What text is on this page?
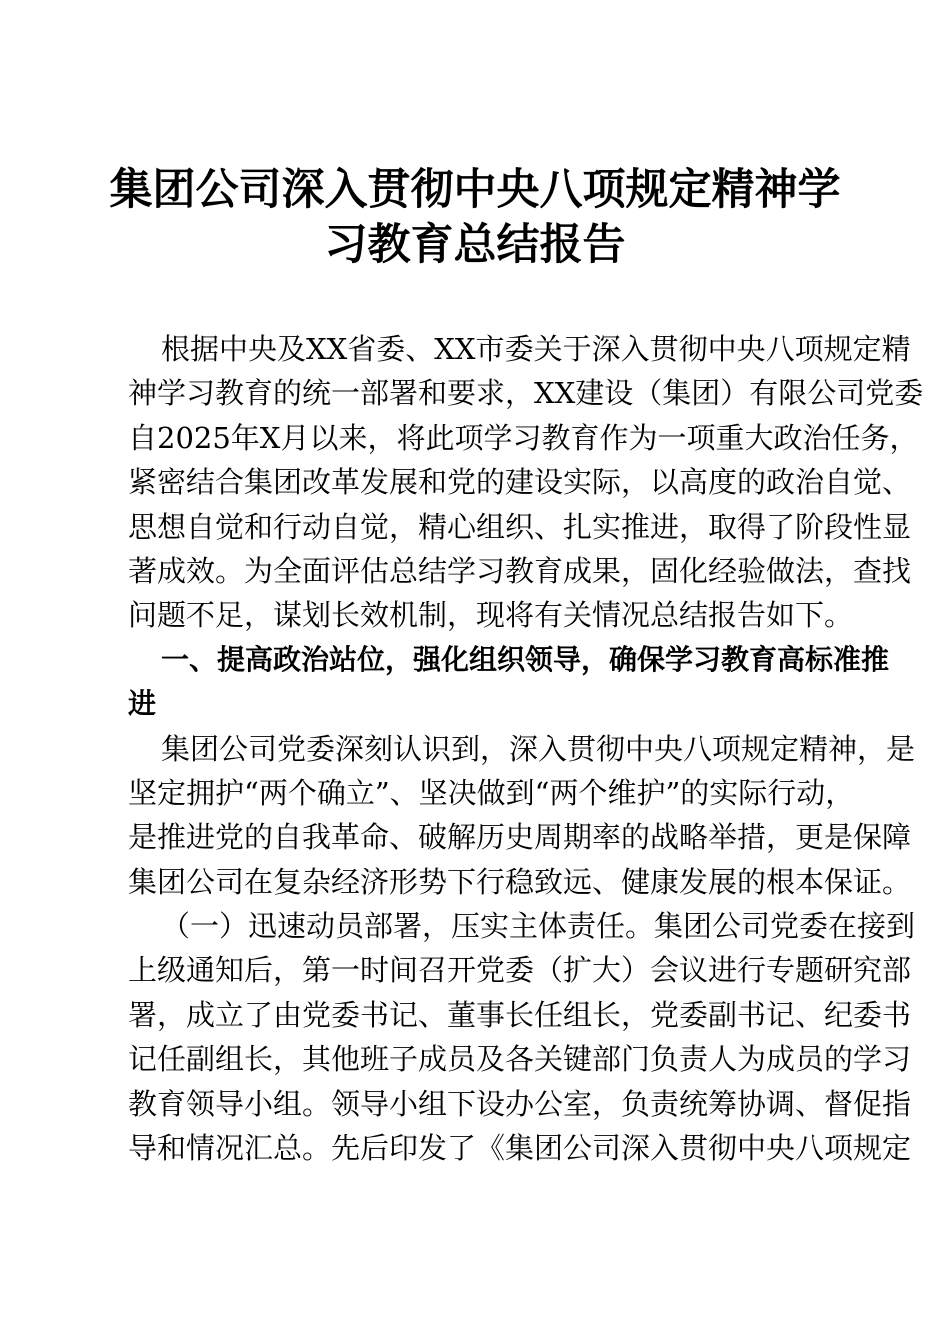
集团公司深入贯彻中央八项规定精神学
习教育总结报告
根据中央及XX省委、XX市委关于深入贯彻中央八项规定精
神学习教育的统一部署和要求，XX建设（集团）有限公司党委
自2025年X月以来，将此项学习教育作为一项重大政治任务，
紧密结合集团改革发展和党的建设实际，以高度的政治自觉、
思想自觉和行动自觉，精心组织、扎实推进，取得了阶段性显
著成效。为全面评估总结学习教育成果，固化经验做法，查找
问题不足，谋划长效机制，现将有关情况总结报告如下。
一、提高政治站位，强化组织领导，确保学习教育高标准推
进
集团公司党委深刻认识到，深入贯彻中央八项规定精神，是
坚定拥护“两个确立”、坚决做到“两个维护”的实际行动，
是推进党的自我革命、破解历史周期率的战略举措，更是保障
集团公司在复杂经济形势下行稳致远、健康发展的根本保证。
（一）迅速动员部署，压实主体责任。集团公司党委在接到
上级通知后，第一时间召开党委（扩大）会议进行专题研究部
署，成立了由党委书记、董事长任组长，党委副书记、纪委书
记任副组长，其他班子成员及各关键部门负责人为成员的学习
教育领导小组。领导小组下设办公室，负责统筹协调、督促指
导和情况汇总。先后印发了《集团公司深入贯彻中央八项规定
